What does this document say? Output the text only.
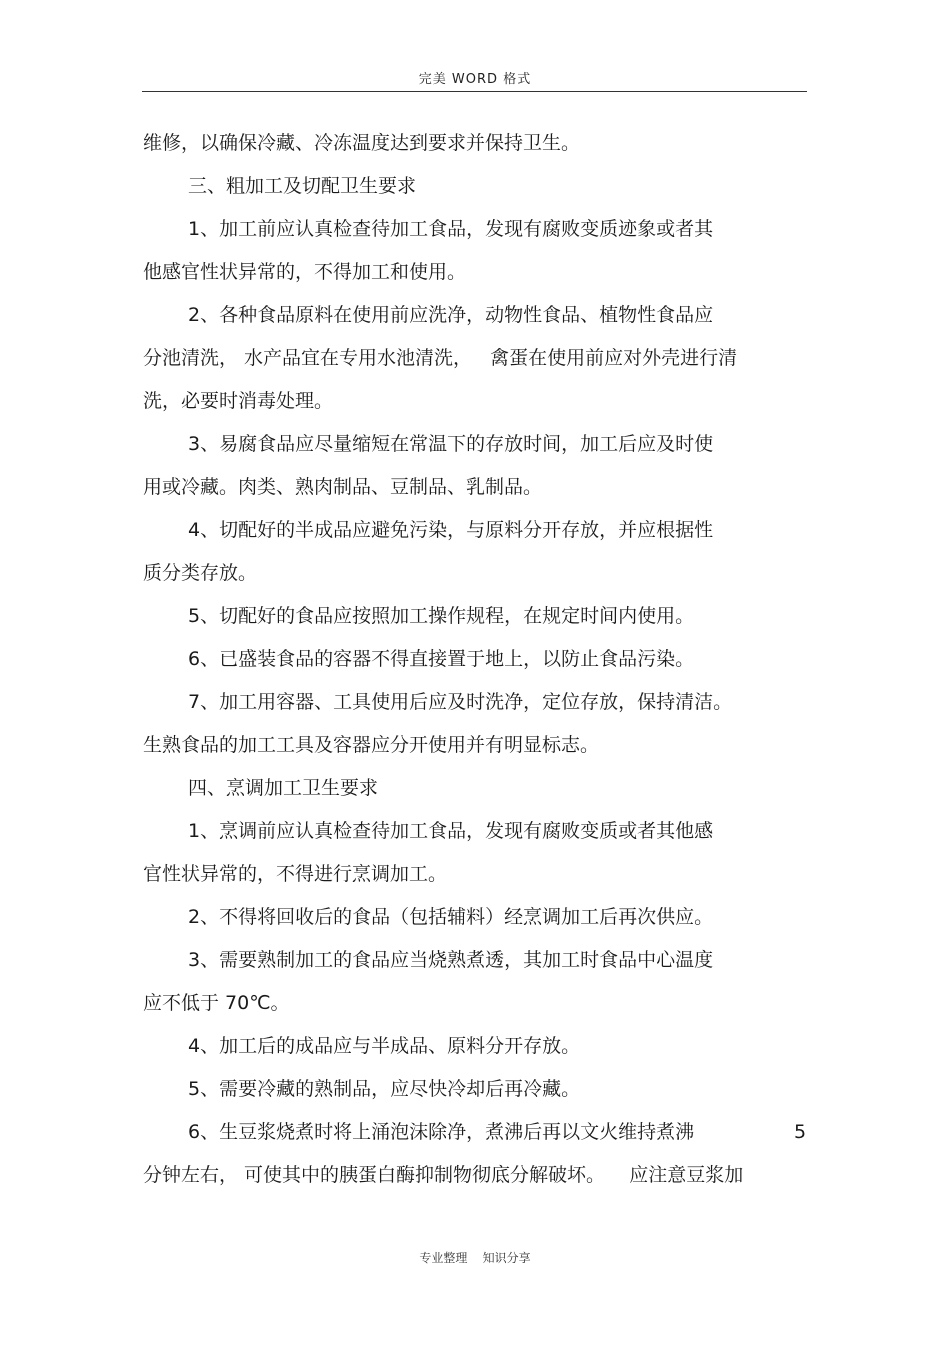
完美 WORD 格式
维修，以确保冷藏、冷冻温度达到要求并保持卫生。
三、粗加工及切配卫生要求
1、加工前应认真检查待加工食品，发现有腐败变质迹象或者其
他感官性状异常的，不得加工和使用。
2、各种食品原料在使用前应洗净，动物性食品、植物性食品应
分池清洗， 水产品宜在专用水池清洗，   禽蛋在使用前应对外壳进行清
洗，必要时消毒处理。
3、易腐食品应尽量缩短在常温下的存放时间，加工后应及时使
用或冷藏。肉类、熟肉制品、豆制品、乳制品。
4、切配好的半成品应避免污染，与原料分开存放，并应根据性
质分类存放。
5、切配好的食品应按照加工操作规程，在规定时间内使用。
6、已盛装食品的容器不得直接置于地上，以防止食品污染。
7、加工用容器、工具使用后应及时洗净，定位存放，保持清洁。
生熟食品的加工工具及容器应分开使用并有明显标志。
四、烹调加工卫生要求
1、烹调前应认真检查待加工食品，发现有腐败变质或者其他感
官性状异常的，不得进行烹调加工。
2、不得将回收后的食品（包括辅料）经烹调加工后再次供应。
3、需要熟制加工的食品应当烧熟煮透，其加工时食品中心温度
应不低于 70℃。
4、加工后的成品应与半成品、原料分开存放。
5、需要冷藏的熟制品，应尽快冷却后再冷藏。
6、生豆浆烧煮时将上涌泡沫除净，煮沸后再以文火维持煮沸	5
分钟左右， 可使其中的胰蛋白酶抑制物彻底分解破坏。    应注意豆浆加
专业整理    知识分享
